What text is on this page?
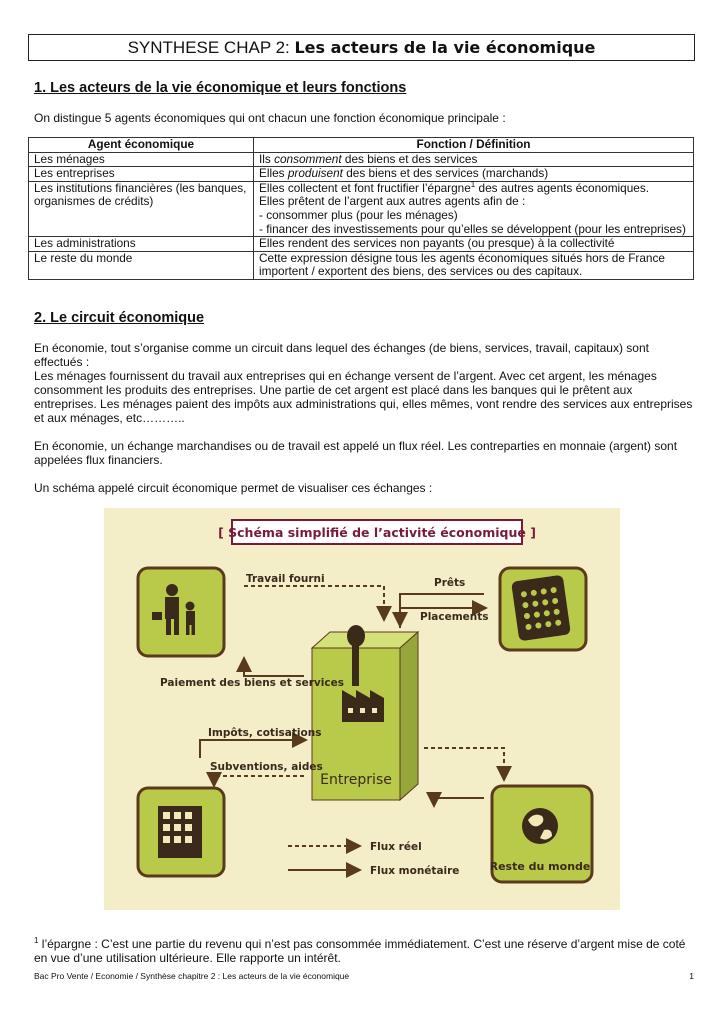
SYNTHESE CHAP 2: Les acteurs de la vie économique
1. Les acteurs de la vie économique et leurs fonctions

On distingue 5 agents économiques qui ont chacun une fonction économique principale :

Agent économique	Fonction / Définition
Les ménages	Ils consomment des biens et des services
Les entreprises	Elles produisent des biens et des services (marchands)
Les institutions financières (les banques, organismes de crédits)	Elles collectent et font fructifier l’épargne$^1$ des autres agents économiques.
Elles prêtent de l’argent aux autres agents afin de :
- consommer plus (pour les ménages)
- financer des investissements pour qu’elles se développent (pour les entreprises)

Les administrations	Elles rendent des services non payants (ou presque) à la collectivité
Le reste du monde	Cette expression désigne tous les agents économiques situés hors de France importent / exportent des biens, des services ou des capitaux.
2. Le circuit économique

En économie, tout s’organise comme un circuit dans lequel des échanges (de biens, services, travail, capitaux) sont effectués :

Les ménages fournissent du travail aux entreprises qui en échange versent de l’argent. Avec cet argent, les ménages consomment les produits des entreprises. Une partie de cet argent est placé dans les banques qui le prêtent aux entreprises. Les ménages paient des impôts aux administrations qui, elles mêmes, vont rendre des services aux entreprises et aux ménages, etc………..

En économie, un échange marchandises ou de travail est appelé un flux réel. Les contreparties en monnaie (argent) sont appelées flux financiers.

Un schéma appelé circuit économique permet de visualiser ces échanges :

[ Schéma simplifié de l’activité économique ]
Reste du monde
Entreprise
Travail fourni
Paiement des biens et services
Prêts
Placements
Impôts, cotisations
Subventions, aides
Flux réel
Flux monétaire
$^1$ l’épargne : C’est une partie du revenu qui n’est pas consommée immédiatement. C’est une réserve d’argent mise de coté en vue d’une utilisation ultérieure. Elle rapporte un intérêt.
Bac Pro Vente / Economie / Synthèse chapitre 2 : Les acteurs de la vie économique	1
